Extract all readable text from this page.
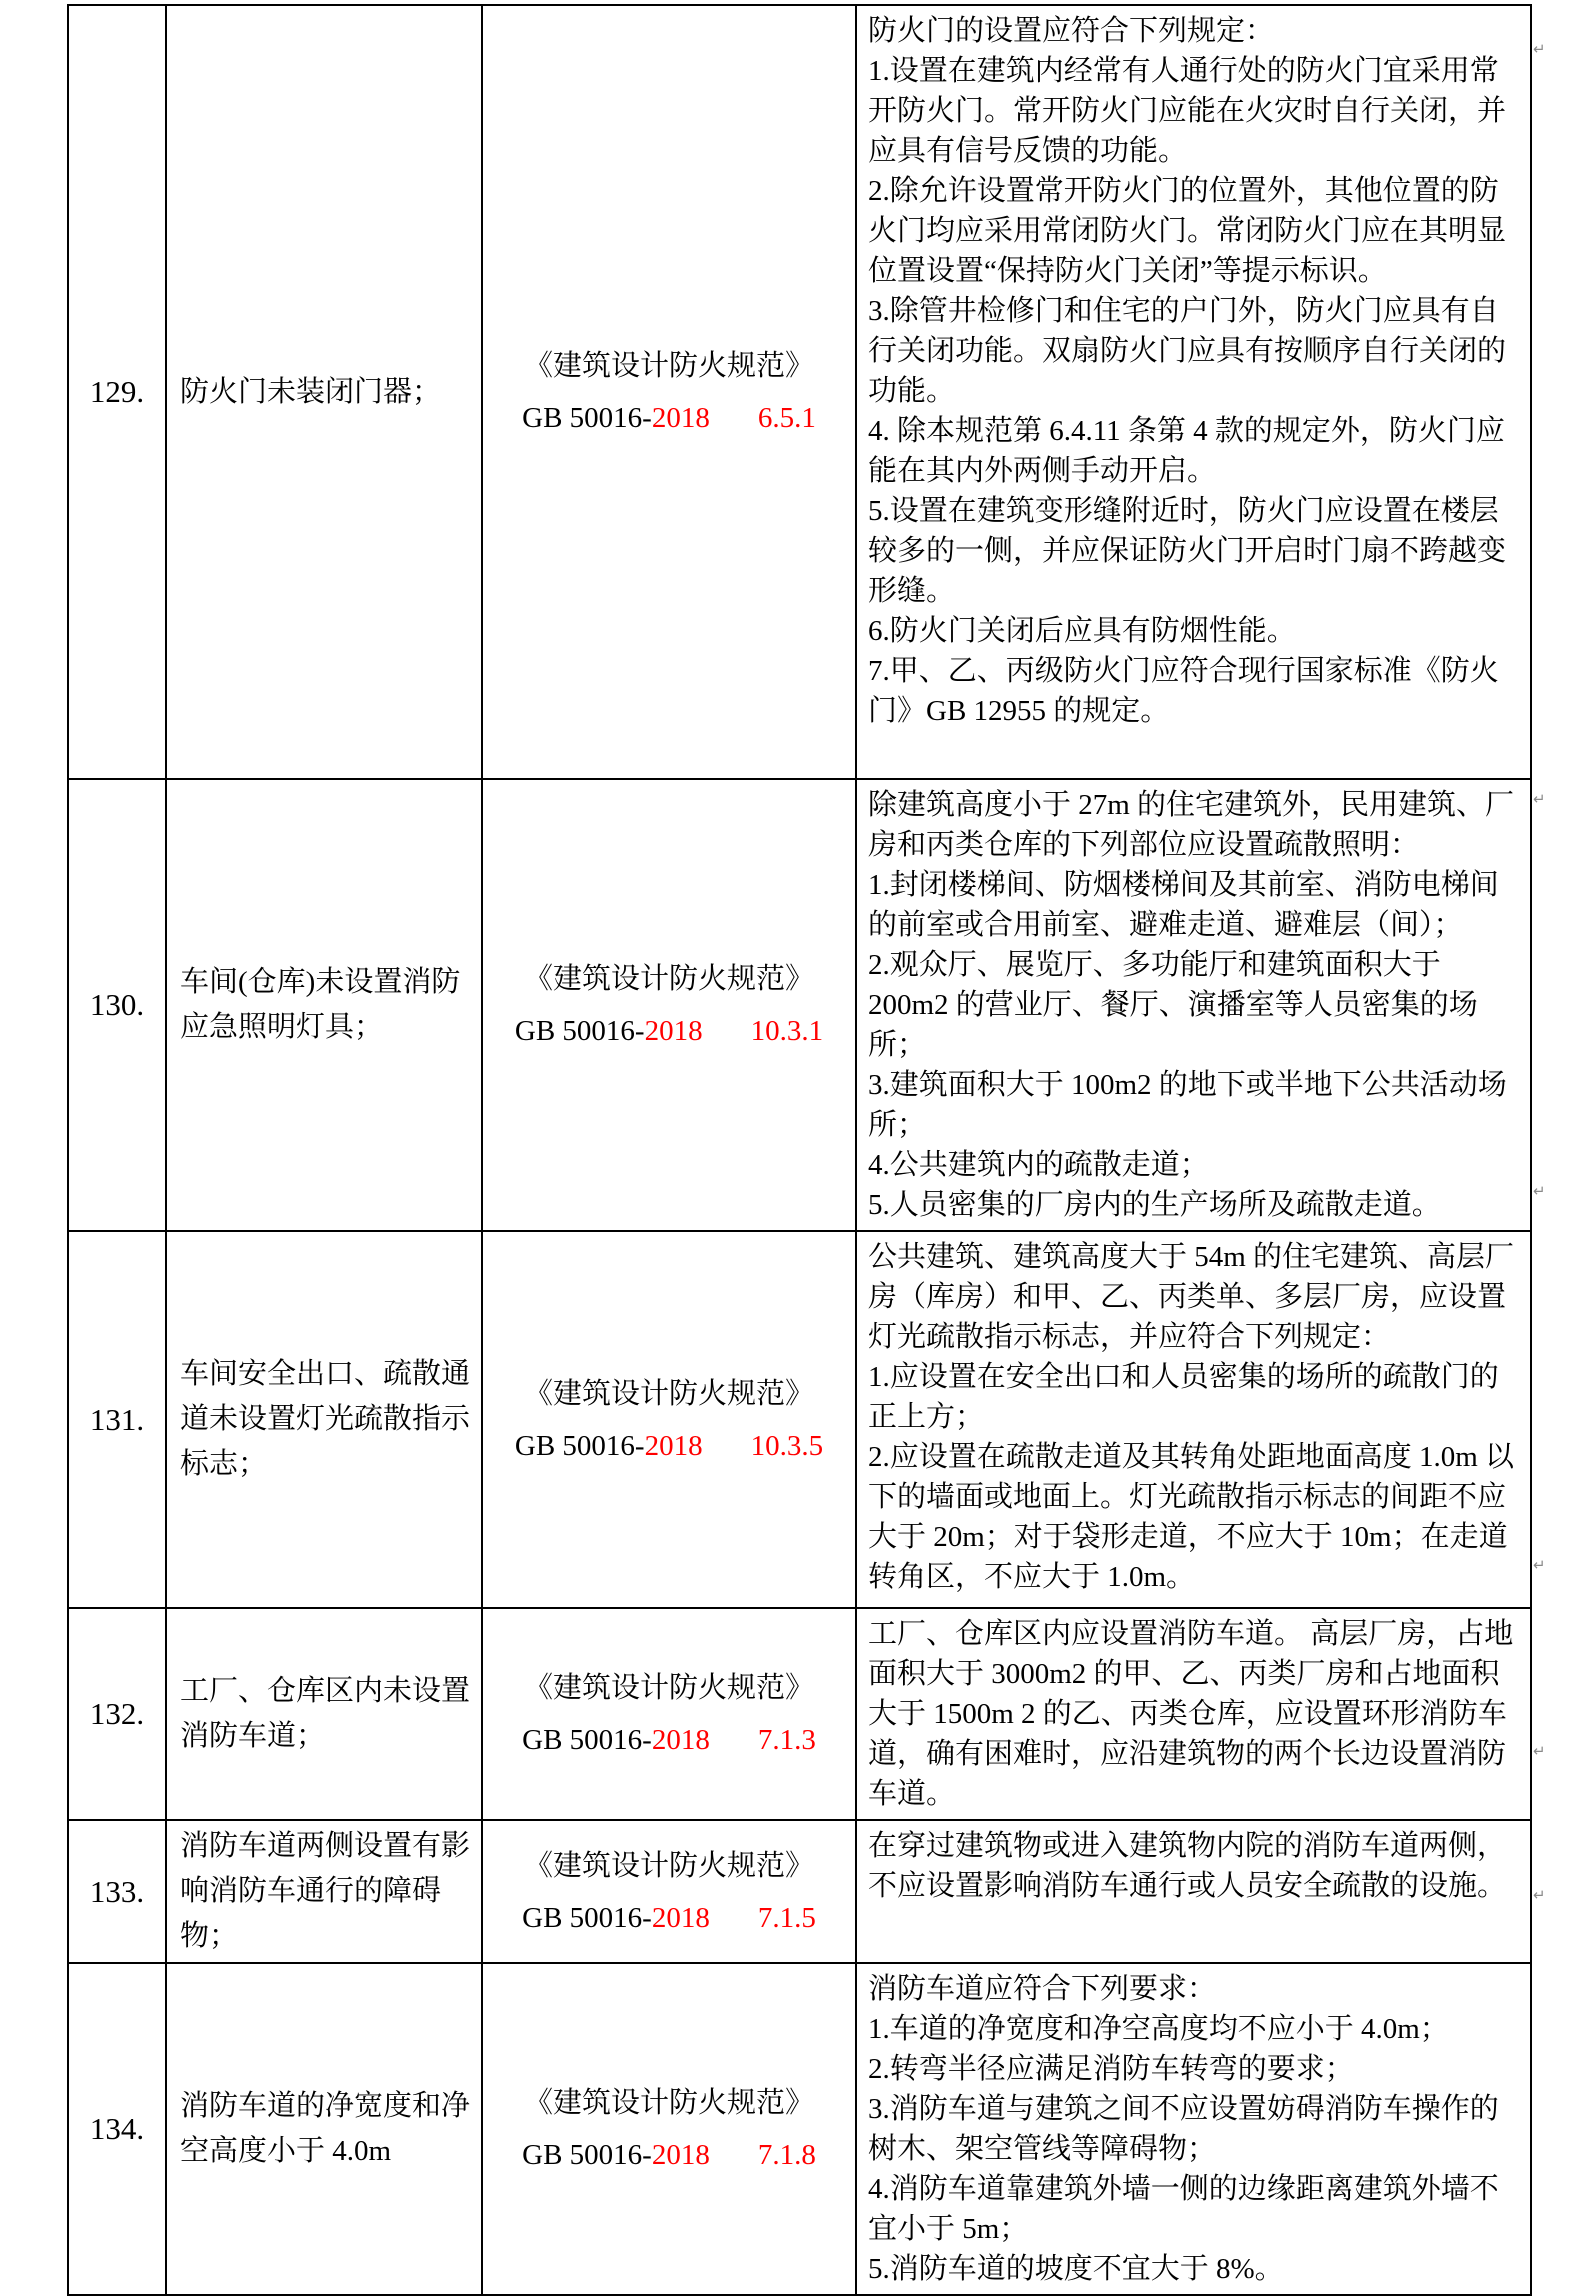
129. 防火门未装闭门器；
《建筑设计防火规范》
GB 50016-2018 6.5.1
防火门的设置应符合下列规定：
1.设置在建筑内经常有人通行处的防火门宜采用常开防火门。常开防火门应能在火灾时自行关闭，并应具有信号反馈的功能。
2.除允许设置常开防火门的位置外，其他位置的防火门均应采用常闭防火门。常闭防火门应在其明显位置设置“保持防火门关闭”等提示标识。
3.除管井检修门和住宅的户门外，防火门应具有自行关闭功能。双扇防火门应具有按顺序自行关闭的功能。
4. 除本规范第 6.4.11 条第 4 款的规定外，防火门应能在其内外两侧手动开启。
5.设置在建筑变形缝附近时，防火门应设置在楼层较多的一侧，并应保证防火门开启时门扇不跨越变形缝。
6.防火门关闭后应具有防烟性能。
7.甲、乙、丙级防火门应符合现行国家标准《防火门》GB 12955 的规定。
130.
车间(仓库)未设置消防应急照明灯具；
《建筑设计防火规范》
GB 50016-2018 10.3.1
除建筑高度小于 27m 的住宅建筑外，民用建筑、厂房和丙类仓库的下列部位应设置疏散照明：
1.封闭楼梯间、防烟楼梯间及其前室、消防电梯间的前室或合用前室、避难走道、避难层（间）；
2.观众厅、展览厅、多功能厅和建筑面积大于 200m2 的营业厅、餐厅、演播室等人员密集的场所；
3.建筑面积大于 100m2 的地下或半地下公共活动场所；
4.公共建筑内的疏散走道；
5.人员密集的厂房内的生产场所及疏散走道。
131.
车间安全出口、疏散通道未设置灯光疏散指示标志；
《建筑设计防火规范》
GB 50016-2018 10.3.5
公共建筑、建筑高度大于 54m 的住宅建筑、高层厂房（库房）和甲、乙、丙类单、多层厂房，应设置灯光疏散指示标志，并应符合下列规定：
1.应设置在安全出口和人员密集的场所的疏散门的正上方；
2.应设置在疏散走道及其转角处距地面高度 1.0m 以下的墙面或地面上。灯光疏散指示标志的间距不应大于 20m；对于袋形走道，不应大于 10m；在走道转角区，不应大于 1.0m。
132.
工厂、仓库区内未设置消防车道；
《建筑设计防火规范》
GB 50016-2018 7.1.3
工厂、仓库区内应设置消防车道。 高层厂房，占地面积大于 3000m2 的甲、乙、丙类厂房和占地面积大于 1500m 2 的乙、丙类仓库，应设置环形消防车道，确有困难时，应沿建筑物的两个长边设置消防车道。
133.
消防车道两侧设置有影响消防车通行的障碍物；
《建筑设计防火规范》
GB 50016-2018 7.1.5
在穿过建筑物或进入建筑物内院的消防车道两侧，不应设置影响消防车通行或人员安全疏散的设施。
134.
消防车道的净宽度和净空高度小于 4.0m
《建筑设计防火规范》
GB 50016-2018 7.1.8
消防车道应符合下列要求：
1.车道的净宽度和净空高度均不应小于 4.0m；
2.转弯半径应满足消防车转弯的要求；
3.消防车道与建筑之间不应设置妨碍消防车操作的树木、架空管线等障碍物；
4.消防车道靠建筑外墙一侧的边缘距离建筑外墙不宜小于 5m；
5.消防车道的坡度不宜大于 8%。
↵
↵
↵
↵
↵
↵
